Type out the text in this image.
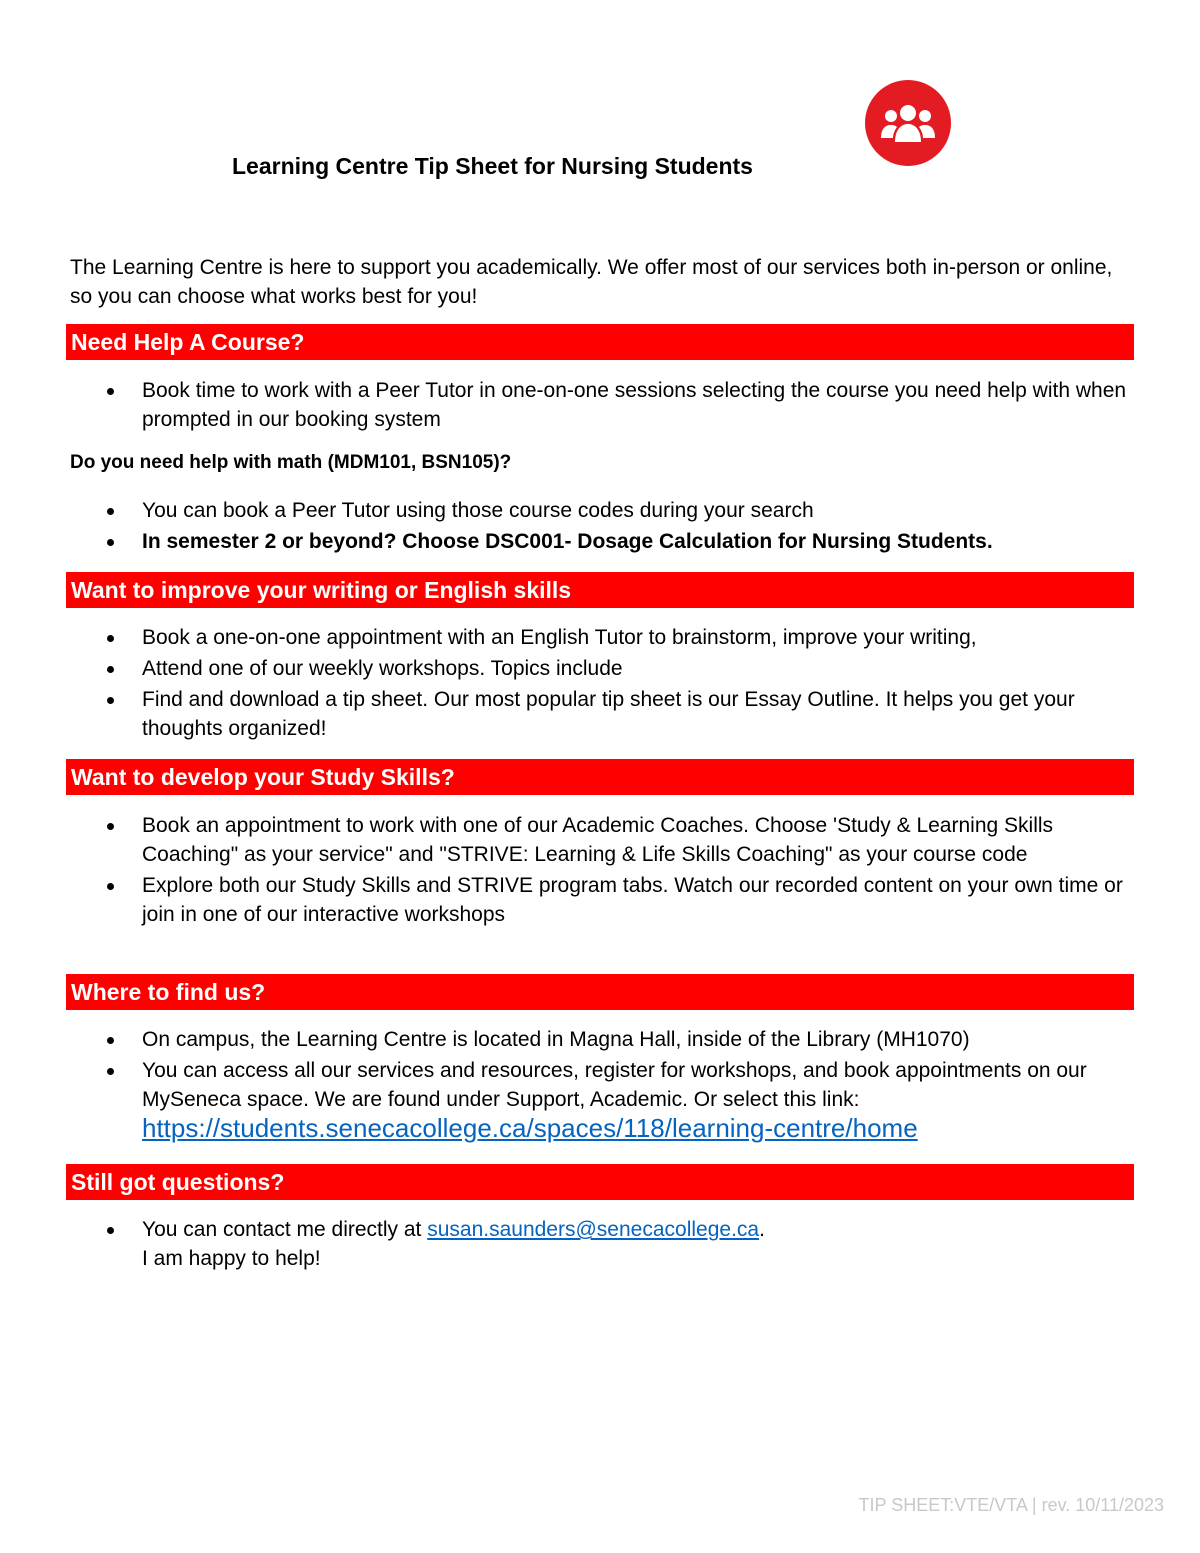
Learning Centre Tip Sheet for Nursing Students
The Learning Centre is here to support you academically. We offer most of our services both in-person or online, so you can choose what works best for you!
Need Help A Course?
Book time to work with a Peer Tutor in one-on-one sessions selecting the course you need help with when prompted in our booking system
Do you need help with math (MDM101, BSN105)?
You can book a Peer Tutor using those course codes during your search
In semester 2 or beyond? Choose DSC001- Dosage Calculation for Nursing Students.
Want to improve your writing or English skills
Book a one-on-one appointment with an English Tutor to brainstorm, improve your writing,
Attend one of our weekly workshops. Topics include
Find and download a tip sheet. Our most popular tip sheet is our Essay Outline. It helps you get your thoughts organized!
Want to develop your Study Skills?
Book an appointment to work with one of our Academic Coaches. Choose 'Study & Learning Skills Coaching" as your service" and "STRIVE: Learning & Life Skills Coaching" as your course code
Explore both our Study Skills and STRIVE program tabs. Watch our recorded content on your own time or join in one of our interactive workshops
Where to find us?
On campus, the Learning Centre is located in Magna Hall, inside of the Library (MH1070)
You can access all our services and resources, register for workshops, and book appointments on our MySeneca space. We are found under Support, Academic. Or select this link:
https://students.senecacollege.ca/spaces/118/learning-centre/home
Still got questions?
You can contact me directly at susan.saunders@senecacollege.ca.
I am happy to help!
TIP SHEET:VTE/VTA | rev. 10/11/2023
